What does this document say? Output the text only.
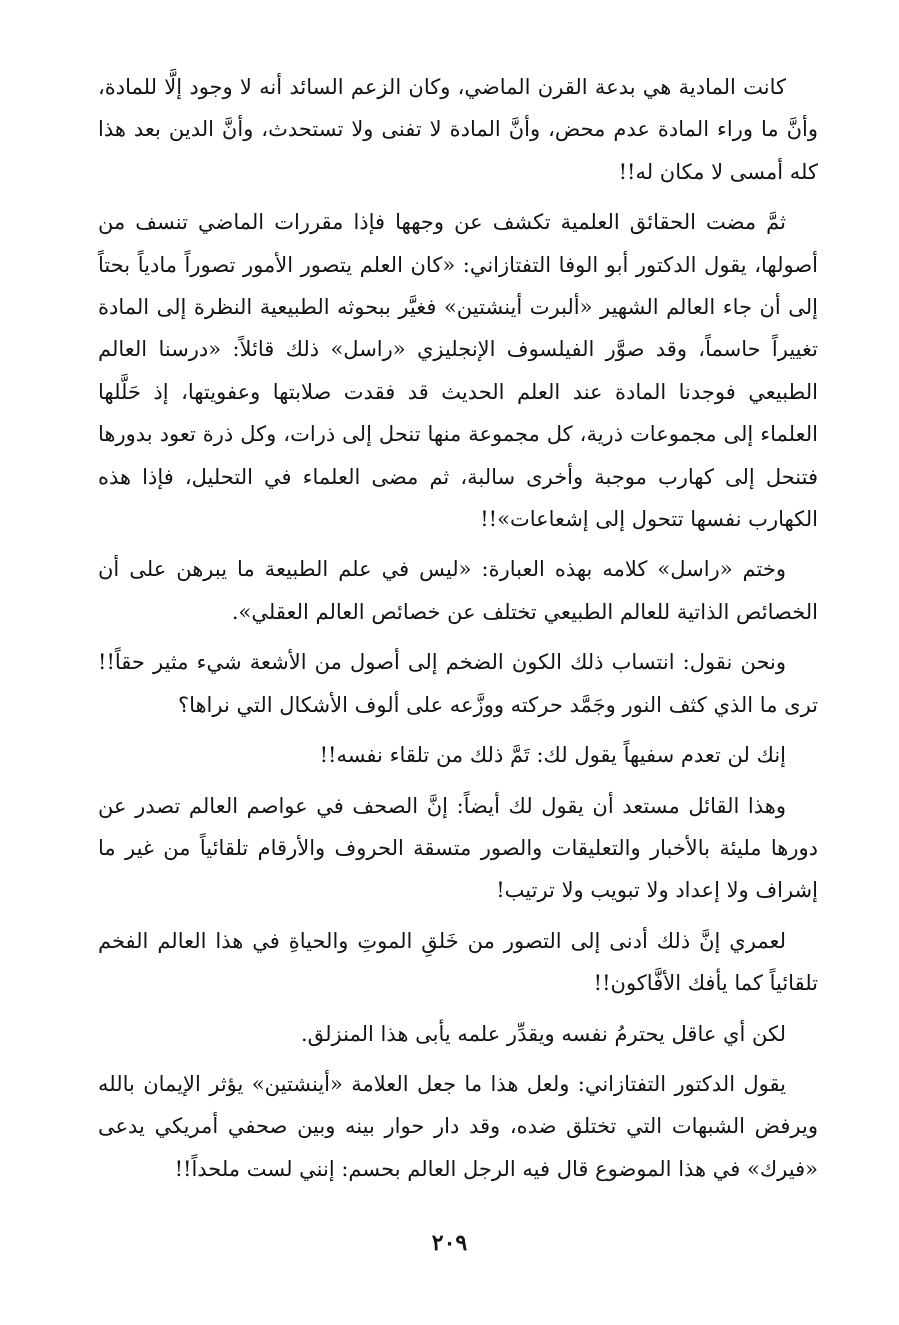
كانت المادية هي بدعة القرن الماضي، وكان الزعم السائد أنه لا وجود إلَّا للمادة، وأنَّ ما وراء المادة عدم محض، وأنَّ المادة لا تفنى ولا تستحدث، وأنَّ الدين بعد هذا كله أمسى لا مكان له!!

ثمَّ مضت الحقائق العلمية تكشف عن وجهها فإذا مقررات الماضي تنسف من أصولها، يقول الدكتور أبو الوفا التفتازاني: «كان العلم يتصور الأمور تصوراً مادياً بحتاً إلى أن جاء العالم الشهير «ألبرت أينشتين» فغيَّر ببحوثه الطبيعية النظرة إلى المادة تغييراً حاسماً، وقد صوَّر الفيلسوف الإنجليزي «راسل» ذلك قائلاً: «درسنا العالم الطبيعي فوجدنا المادة عند العلم الحديث قد فقدت صلابتها وعفويتها، إذ حَلَّلها العلماء إلى مجموعات ذرية، كل مجموعة منها تنحل إلى ذرات، وكل ذرة تعود بدورها فتنحل إلى كهارب موجبة وأخرى سالبة، ثم مضى العلماء في التحليل، فإذا هذه الكهارب نفسها تتحول إلى إشعاعات»!!

وختم «راسل» كلامه بهذه العبارة: «ليس في علم الطبيعة ما يبرهن على أن الخصائص الذاتية للعالم الطبيعي تختلف عن خصائص العالم العقلي».

ونحن نقول: انتساب ذلك الكون الضخم إلى أصول من الأشعة شيء مثير حقاً!! ترى ما الذي كثف النور وجَمَّد حركته ووزَّعه على ألوف الأشكال التي نراها؟

إنك لن تعدم سفيهاً يقول لك: تَمَّ ذلك من تلقاء نفسه!!

وهذا القائل مستعد أن يقول لك أيضاً: إنَّ الصحف في عواصم العالم تصدر عن دورها مليئة بالأخبار والتعليقات والصور متسقة الحروف والأرقام تلقائياً من غير ما إشراف ولا إعداد ولا تبويب ولا ترتيب!

لعمري إنَّ ذلك أدنى إلى التصور من خَلقِ الموتِ والحياةِ في هذا العالم الفخم تلقائياً كما يأفك الأفَّاكون!!

لكن أي عاقل يحترمُ نفسه ويقدِّر علمه يأبى هذا المنزلق.

يقول الدكتور التفتازاني: ولعل هذا ما جعل العلامة «أينشتين» يؤثر الإيمان بالله ويرفض الشبهات التي تختلق ضده، وقد دار حوار بينه وبين صحفي أمريكي يدعى «فيرك» في هذا الموضوع قال فيه الرجل العالم بحسم: إنني لست ملحداً!!

٢٠٩
